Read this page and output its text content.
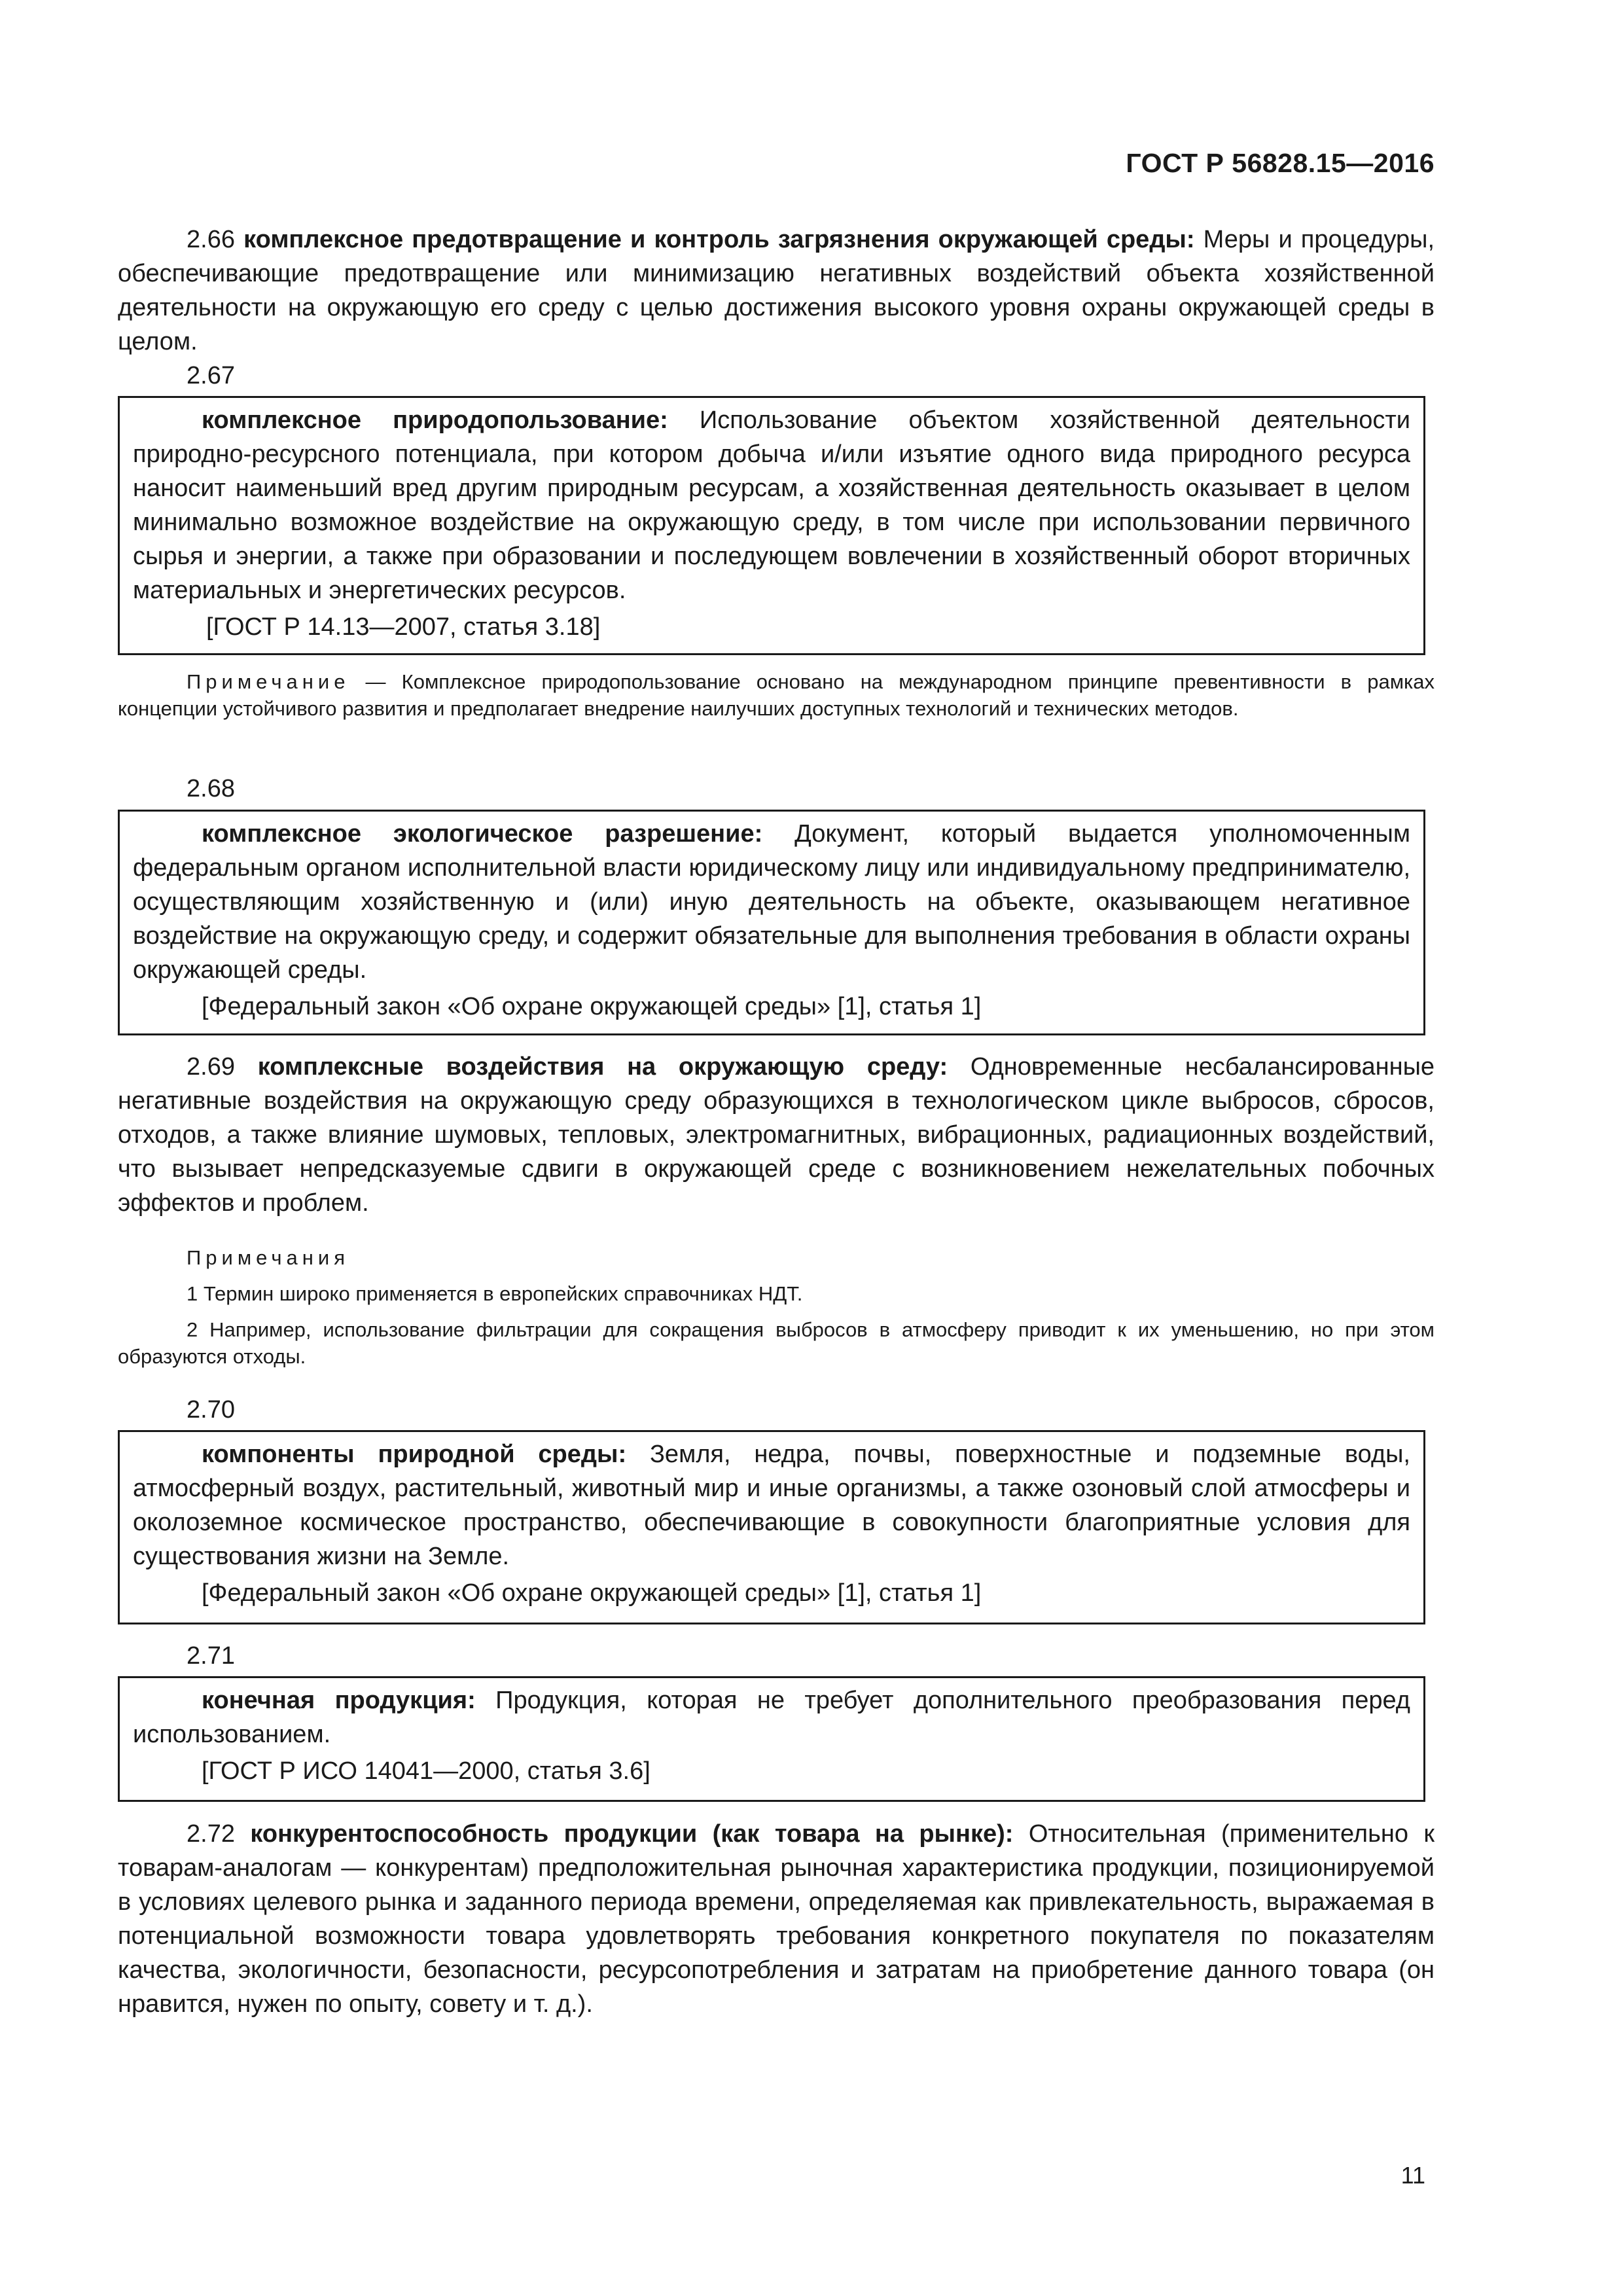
ГОСТ Р 56828.15—2016

2.66 комплексное предотвращение и контроль загрязнения окружающей среды: Меры и процедуры, обеспечивающие предотвращение или минимизацию негативных воздействий объекта хозяйственной деятельности на окружающую его среду с целью достижения высокого уровня охраны окружающей среды в целом.

2.67

комплексное природопользование: Использование объектом хозяйственной деятельности природно-ресурсного потенциала, при котором добыча и/или изъятие одного вида природного ресурса наносит наименьший вред другим природным ресурсам, а хозяйственная деятельность оказывает в целом минимально возможное воздействие на окружающую среду, в том числе при использовании первичного сырья и энергии, а также при образовании и последующем вовлечении в хозяйственный оборот вторичных материальных и энергетических ресурсов.

[ГОСТ Р 14.13—2007, статья 3.18]

Примечание — Комплексное природопользование основано на международном принципе превентивности в рамках концепции устойчивого развития и предполагает внедрение наилучших доступных технологий и технических методов.

2.68

комплексное экологическое разрешение: Документ, который выдается уполномоченным федеральным органом исполнительной власти юридическому лицу или индивидуальному предпринимателю, осуществляющим хозяйственную и (или) иную деятельность на объекте, оказывающем негативное воздействие на окружающую среду, и содержит обязательные для выполнения требования в области охраны окружающей среды.

[Федеральный закон «Об охране окружающей среды» [1], статья 1]

2.69 комплексные воздействия на окружающую среду: Одновременные несбалансированные негативные воздействия на окружающую среду образующихся в технологическом цикле выбросов, сбросов, отходов, а также влияние шумовых, тепловых, электромагнитных, вибрационных, радиационных воздействий, что вызывает непредсказуемые сдвиги в окружающей среде с возникновением нежелательных побочных эффектов и проблем.

Примечания

1 Термин широко применяется в европейских справочниках НДТ.

2 Например, использование фильтрации для сокращения выбросов в атмосферу приводит к их уменьшению, но при этом образуются отходы.

2.70

компоненты природной среды: Земля, недра, почвы, поверхностные и подземные воды, атмосферный воздух, растительный, животный мир и иные организмы, а также озоновый слой атмосферы и околоземное космическое пространство, обеспечивающие в совокупности благоприятные условия для существования жизни на Земле.

[Федеральный закон «Об охране окружающей среды» [1], статья 1]
2.71

конечная продукция: Продукция, которая не требует дополнительного преобразования перед использованием.

[ГОСТ Р ИСО 14041—2000, статья 3.6]

2.72 конкурентоспособность продукции (как товара на рынке): Относительная (применительно к товарам-аналогам — конкурентам) предположительная рыночная характеристика продукции, позиционируемой в условиях целевого рынка и заданного периода времени, определяемая как привлекательность, выражаемая в потенциальной возможности товара удовлетворять требования конкретного покупателя по показателям качества, экологичности, безопасности, ресурсопотребления и затратам на приобретение данного товара (он нравится, нужен по опыту, совету и т. д.).

11
